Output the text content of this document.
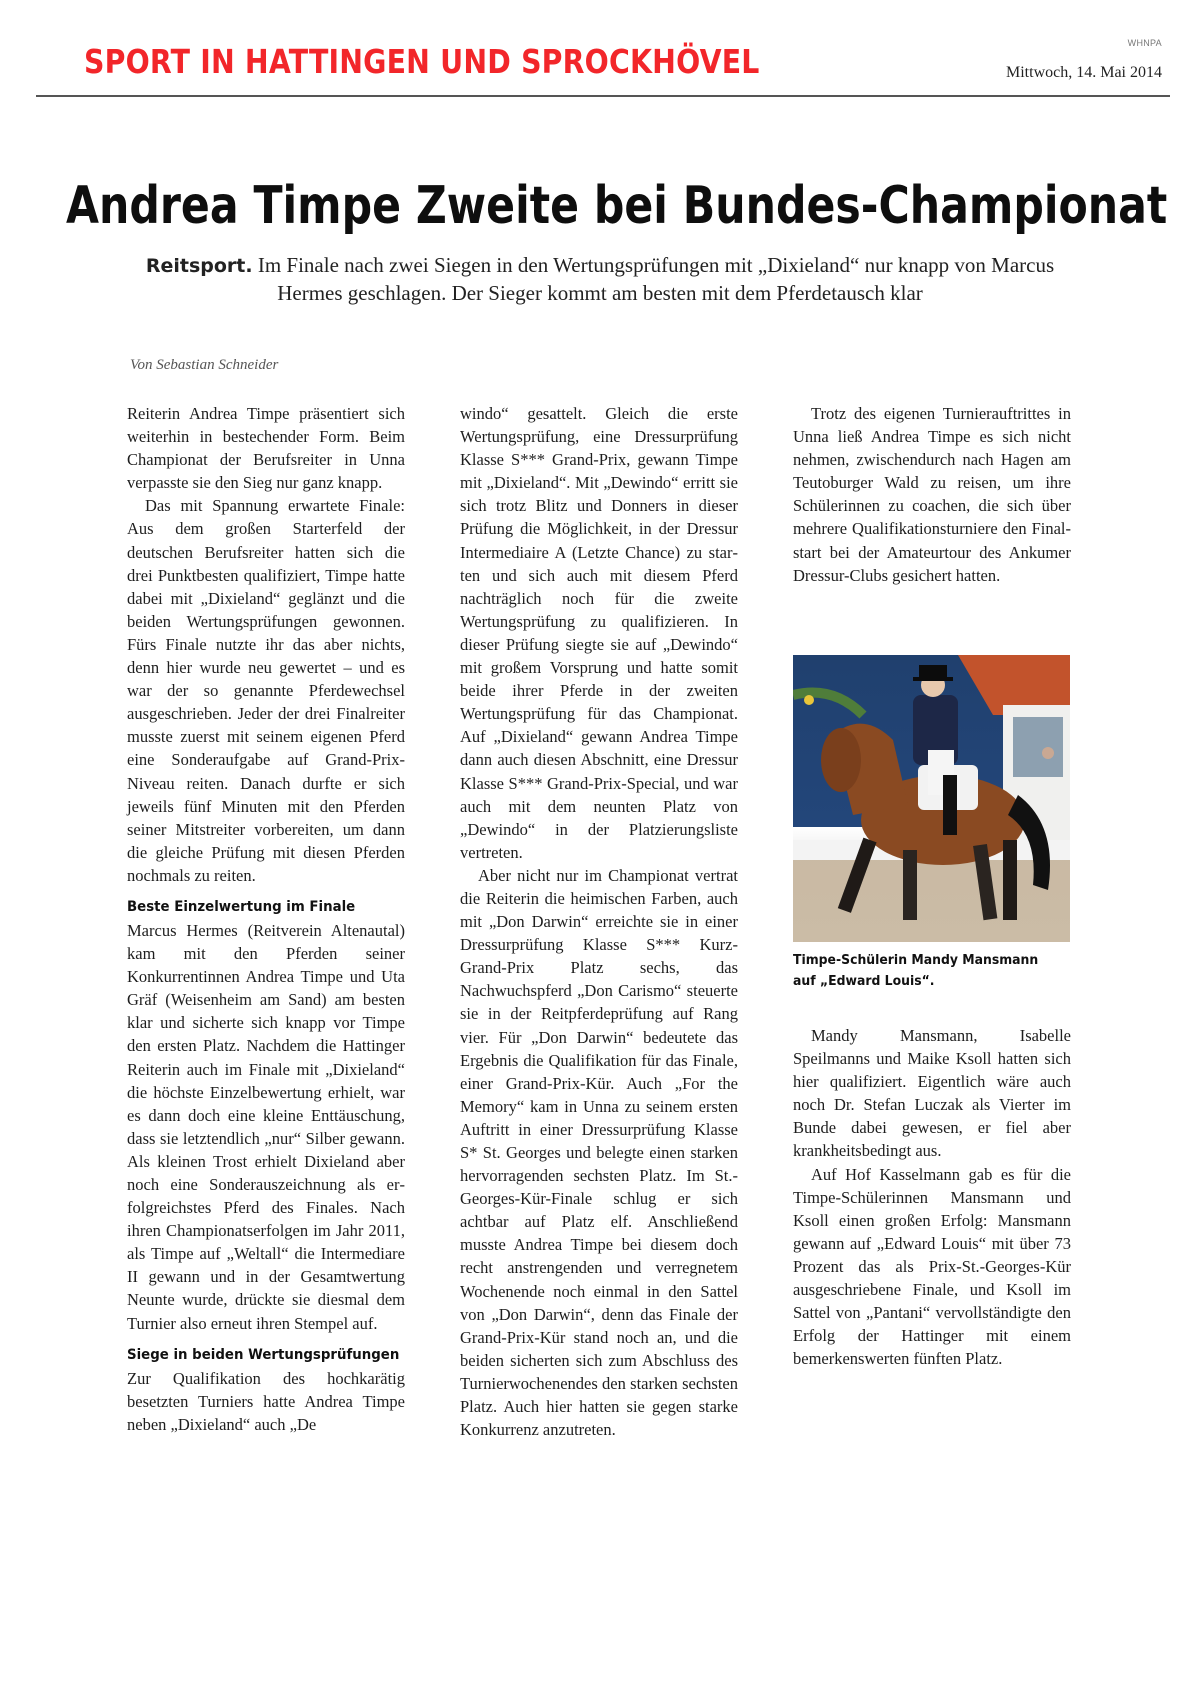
SPORT IN HATTINGEN UND SPROCKHÖVEL	WHNPA
Mittwoch, 14. Mai 2014
Andrea Timpe Zweite bei Bundes-Championat
Reitsport. Im Finale nach zwei Siegen in den Wertungsprüfungen mit „Dixieland“ nur knapp von Marcus Hermes geschlagen. Der Sieger kommt am besten mit dem Pferdetausch klar
Von Sebastian Schneider

Reiterin Andrea Timpe präsentiert sich weiterhin in bestechender Form. Beim Championat der Berufsreiter in Unna verpasste sie den Sieg nur ganz knapp.

Das mit Spannung erwartete Finale: Aus dem großen Starterfeld der deutschen Berufsreiter hatten sich die drei Punktbesten qualifiziert, Timpe hatte dabei mit „Dixieland“ geglänzt und die beiden Wertungsprüfungen gewonnen. Fürs Finale nutzte ihr das aber nichts, denn hier wurde neu gewertet – und es war der so genannte Pferdewechsel ausgeschrieben. Jeder der drei Finalreiter musste zuerst mit seinem eigenen Pferd eine Sonderaufgabe auf Grand-Prix-Niveau reiten. Danach durfte er sich jeweils fünf Minuten mit den Pferden seiner Mitstreiter vorbereiten, um dann die gleiche Prüfung mit diesen Pferden nochmals zu reiten.

Beste Einzelwertung im Finale

Marcus Hermes (Reitverein Altenautal) kam mit den Pferden seiner Konkurrentinnen Andrea Timpe und Uta Gräf (Weisenheim am Sand) am besten klar und sicherte sich knapp vor Timpe den ersten Platz. Nachdem die Hattinger Reiterin auch im Finale mit „Dixieland“ die höchste Einzelbewertung erhielt, war es dann doch eine kleine Enttäuschung, dass sie letztendlich „nur“ Silber gewann. Als kleinen Trost erhielt Dixieland aber noch eine Sonderauszeichnung als erfolgreichstes Pferd des Finales. Nach ihren Championatserfolgen im Jahr 2011, als Timpe auf „Weltall“ die Intermediare II gewann und in der Gesamtwertung Neunte wurde, drückte sie diesmal dem Turnier also erneut ihren Stempel auf.

Siege in beiden Wertungsprüfungen

Zur Qualifikation des hochkarätig besetzten Turniers hatte Andrea Timpe neben „Dixieland“ auch „De

windo“ gesattelt. Gleich die erste Wertungsprüfung, eine Dressurprüfung Klasse S*** Grand-Prix, gewann Timpe mit „Dixieland“. Mit „Dewindo“ erritt sie sich trotz Blitz und Donners in dieser Prüfung die Möglichkeit, in der Dressur Intermediaire A (Letzte Chance) zu starten und sich auch mit diesem Pferd nachträglich noch für die zweite Wertungsprüfung zu qualifizieren. In dieser Prüfung siegte sie auf „Dewindo“ mit großem Vorsprung und hatte somit beide ihrer Pferde in der zweiten Wertungsprüfung für das Championat. Auf „Dixieland“ gewann Andrea Timpe dann auch diesen Abschnitt, eine Dressur Klasse S*** Grand-Prix-Special, und war auch mit dem neunten Platz von „Dewindo“ in der Platzierungsliste vertreten.

Aber nicht nur im Championat vertrat die Reiterin die heimischen Farben, auch mit „Don Darwin“ erreichte sie in einer Dressurprüfung Klasse S*** Kurz-Grand-Prix Platz sechs, das Nachwuchspferd „Don Carismo“ steuerte sie in der Reitpferdeprüfung auf Rang vier. Für „Don Darwin“ bedeutete das Ergebnis die Qualifikation für das Finale, einer Grand-Prix-Kür. Auch „For the Memory“ kam in Unna zu seinem ersten Auftritt in einer Dressurprüfung Klasse S* St. Georges und belegte einen starken hervorragenden sechsten Platz. Im St.-Georges-Kür-Finale schlug er sich achtbar auf Platz elf. Anschließend musste Andrea Timpe bei diesem doch recht anstrengenden und verregnetem Wochenende noch einmal in den Sattel von „Don Darwin“, denn das Finale der Grand-Prix-Kür stand noch an, und die beiden sicherten sich zum Abschluss des Turnierwochenendes den starken sechsten Platz. Auch hier hatten sie gegen starke Konkurrenz anzutreten.

Trotz des eigenen Turnierauftrittes in Unna ließ Andrea Timpe es sich nicht nehmen, zwischendurch nach Hagen am Teutoburger Wald zu reisen, um ihre Schülerinnen zu coachen, die sich über mehrere Qualifikationsturniere den Finalstart bei der Amateurtour des Ankumer Dressur-Clubs gesichert hatten.

Timpe-Schülerin Mandy Mansmann auf „Edward Louis“.

Mandy Mansmann, Isabelle Speilmanns und Maike Ksoll hatten sich hier qualifiziert. Eigentlich wäre auch noch Dr. Stefan Luczak als Vierter im Bunde dabei gewesen, er fiel aber krankheitsbedingt aus.

Auf Hof Kasselmann gab es für die Timpe-Schülerinnen Mansmann und Ksoll einen großen Erfolg: Mansmann gewann auf „Edward Louis“ mit über 73 Prozent das als Prix-St.-Georges-Kür ausgeschriebene Finale, und Ksoll im Sattel von „Pantani“ vervollständigte den Erfolg der Hattinger mit einem bemerkenswerten fünften Platz.
